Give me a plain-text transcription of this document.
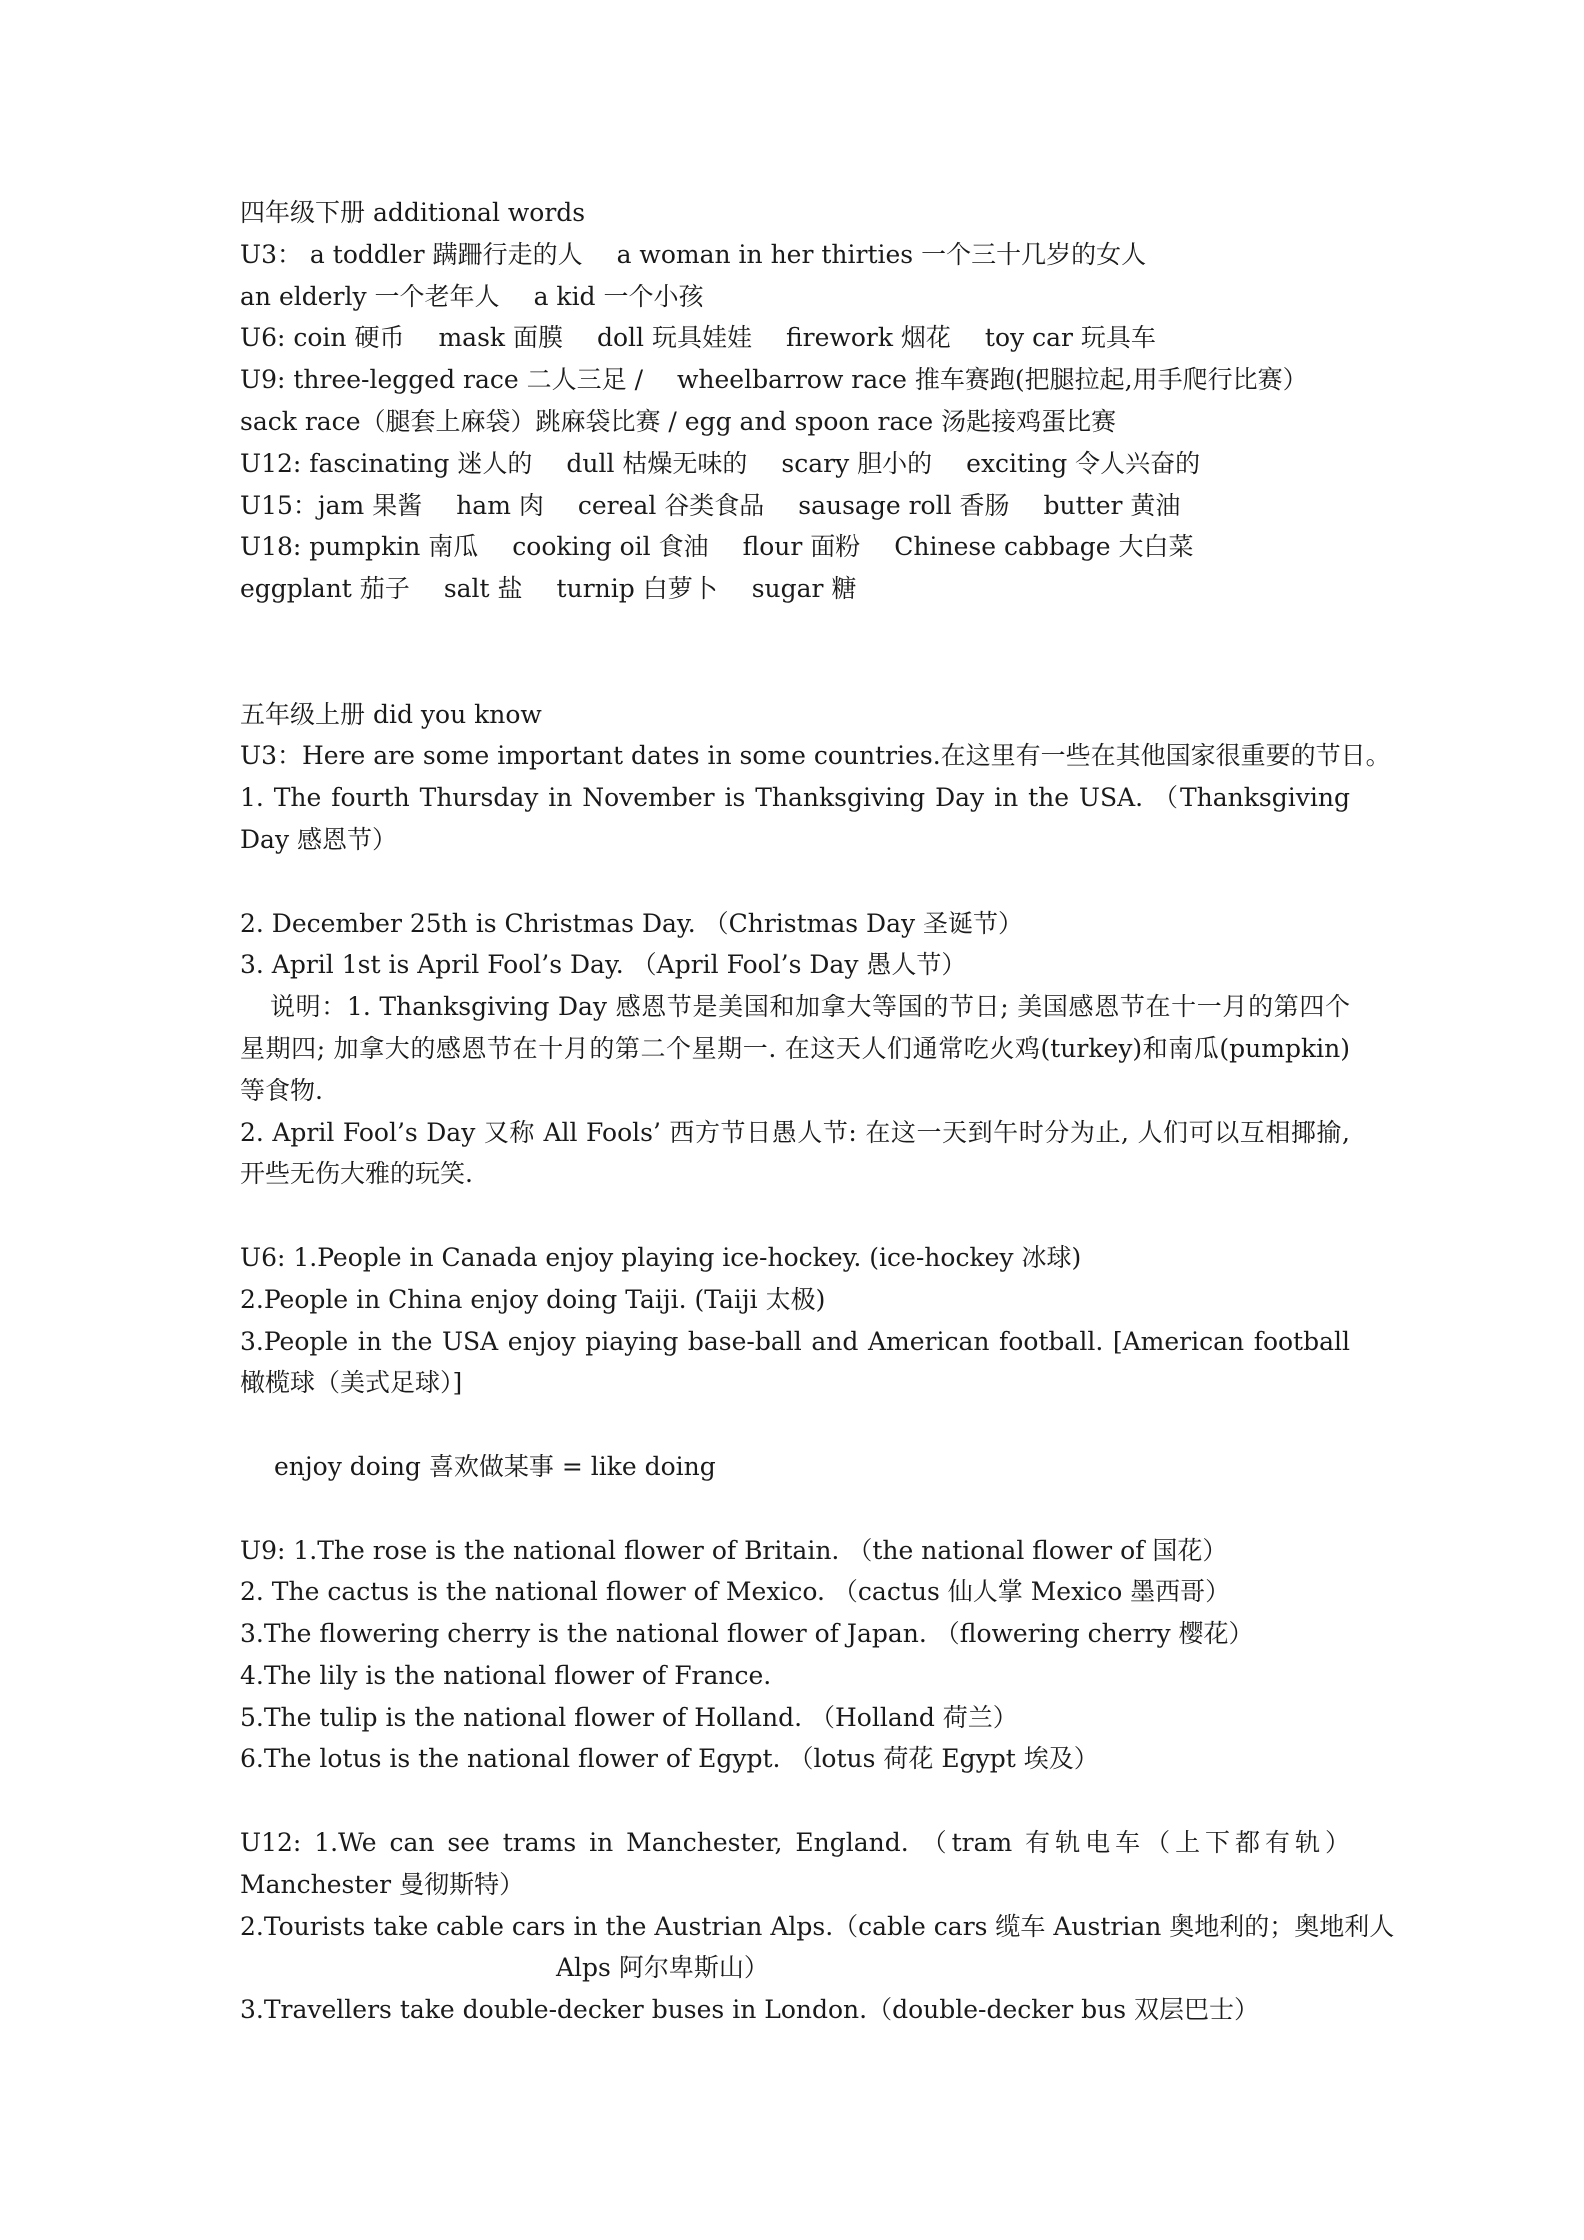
四年级下册 additional words
U3： a toddler 蹒跚行走的人 a woman in her thirties 一个三十几岁的女人
an elderly 一个老年人 a kid 一个小孩
U6: coin 硬币 mask 面膜 doll 玩具娃娃 firework 烟花 toy car 玩具车
U9: three-legged race 二人三足 / wheelbarrow race 推车赛跑(把腿拉起,用手爬行比赛）
sack race（腿套上麻袋）跳麻袋比赛 / egg and spoon race 汤匙接鸡蛋比赛
U12: fascinating 迷人的 dull 枯燥无味的 scary 胆小的 exciting 令人兴奋的
U15：jam 果酱 ham 肉 cereal 谷类食品 sausage roll 香肠 butter 黄油
U18: pumpkin 南瓜 cooking oil 食油 flour 面粉 Chinese cabbage 大白菜
eggplant 茄子 salt 盐 turnip 白萝卜 sugar 糖
五年级上册 did you know
U3：Here are some important dates in some countries.在这里有一些在其他国家很重要的节日。
1. The fourth Thursday in November is Thanksgiving Day in the USA. （Thanksgiving Day 感恩节）
2. December 25th is Christmas Day. （Christmas Day 圣诞节）
3. April 1st is April Fool’s Day. （April Fool’s Day 愚人节）
说明：1. Thanksgiving Day 感恩节是美国和加拿大等国的节日; 美国感恩节在十一月的第四个星期四; 加拿大的感恩节在十月的第二个星期一. 在这天人们通常吃火鸡(turkey)和南瓜(pumpkin)等食物.
2. April Fool’s Day 又称 All Fools’ 西方节日愚人节: 在这一天到午时分为止, 人们可以互相揶揄, 开些无伤大雅的玩笑.
U6: 1.People in Canada enjoy playing ice-hockey. (ice-hockey 冰球)
2.People in China enjoy doing Taiji. (Taiji 太极)
3.People in the USA enjoy piaying base-ball and American football. [American football 橄榄球（美式足球）]
enjoy doing 喜欢做某事 = like doing
U9: 1.The rose is the national flower of Britain. （the national flower of 国花）
2. The cactus is the national flower of Mexico. （cactus 仙人掌 Mexico 墨西哥）
3.The flowering cherry is the national flower of Japan. （flowering cherry 樱花）
4.The lily is the national flower of France.
5.The tulip is the national flower of Holland. （Holland 荷兰）
6.The lotus is the national flower of Egypt. （lotus 荷花 Egypt 埃及）
U12: 1.We can see trams in Manchester, England. （tram 有轨电车（上下都有轨） Manchester 曼彻斯特）
2.Tourists take cable cars in the Austrian Alps.（cable cars 缆车 Austrian 奥地利的；奥地利人
Alps 阿尔卑斯山）
3.Travellers take double-decker buses in London.（double-decker bus 双层巴士）
